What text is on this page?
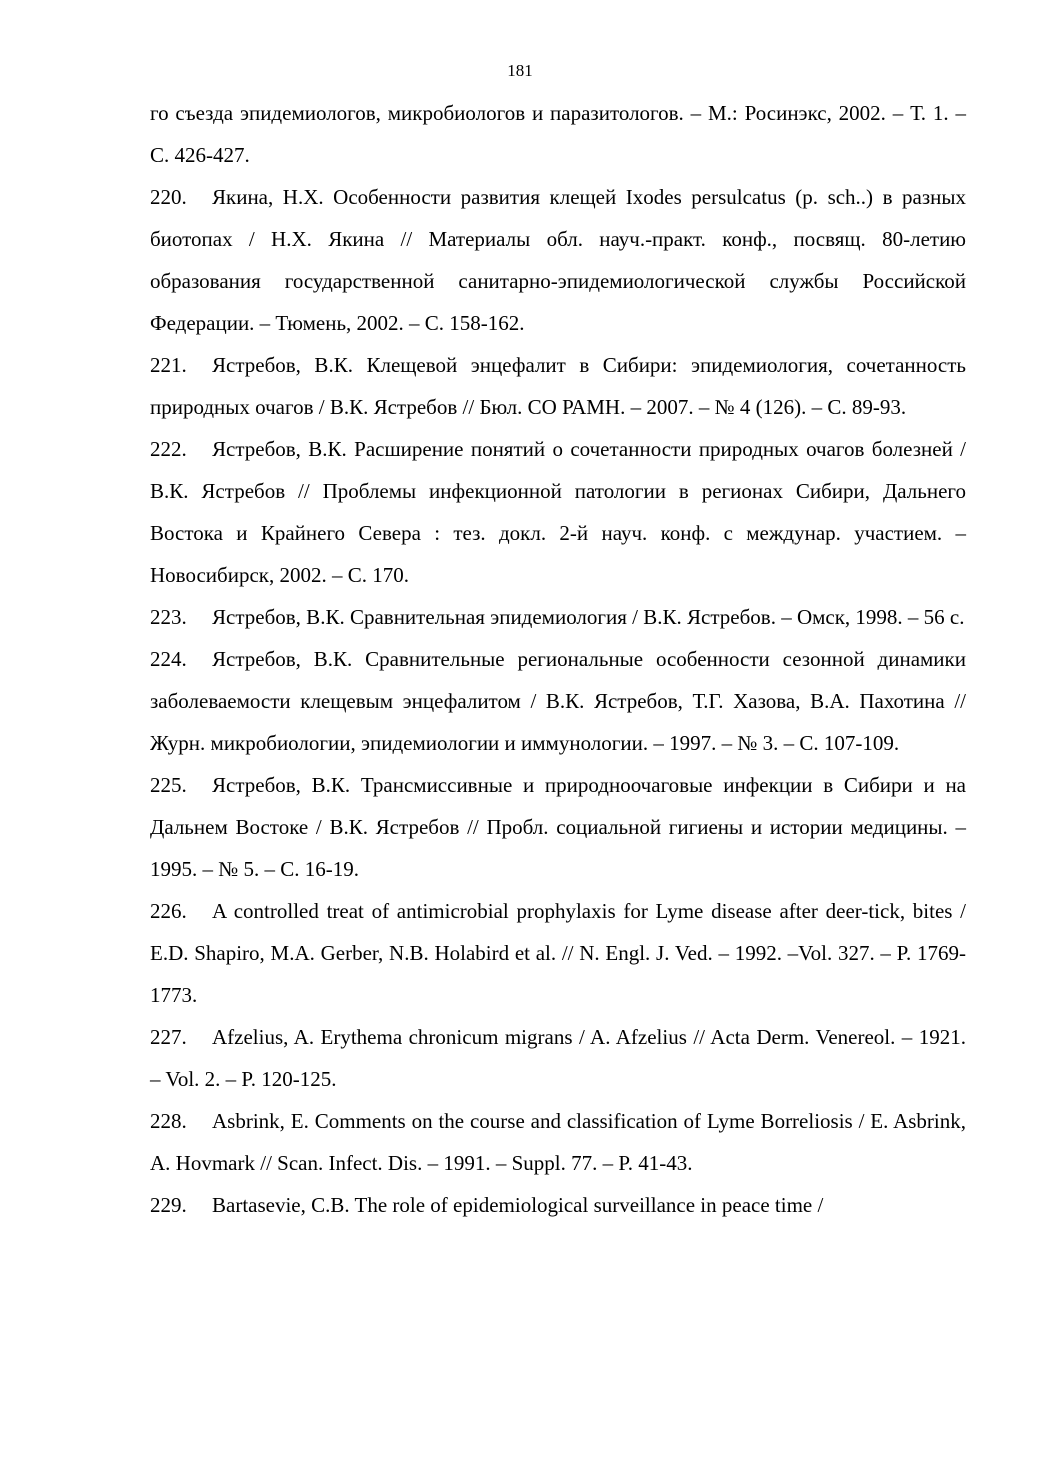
181

го съезда эпидемиологов, микробиологов и паразитологов. – М.: Росинэкс, 2002. – Т. 1. – С. 426-427.

220. Якина, Н.Х. Особенности развития клещей Ixodes persulcatus (p. sch..) в разных биотопах / Н.Х. Якина // Материалы обл. науч.-практ. конф., посвящ. 80-летию образования государственной санитарно-эпидемиологической службы Российской Федерации. – Тюмень, 2002. – С. 158-162.

221. Ястребов, В.К. Клещевой энцефалит в Сибири: эпидемиология, сочетанность природных очагов / В.К. Ястребов // Бюл. СО РАМН. – 2007. – № 4 (126). – С. 89-93.

222. Ястребов, В.К. Расширение понятий о сочетанности природных очагов болезней / В.К. Ястребов // Проблемы инфекционной патологии в регионах Сибири, Дальнего Востока и Крайнего Севера : тез. докл. 2-й науч. конф. с междунар. участием. – Новосибирск, 2002. – С. 170.

223. Ястребов, В.К. Сравнительная эпидемиология / В.К. Ястребов. – Омск, 1998. – 56 с.

224. Ястребов, В.К. Сравнительные региональные особенности сезонной динамики заболеваемости клещевым энцефалитом / В.К. Ястребов, Т.Г. Хазова, В.А. Пахотина // Журн. микробиологии, эпидемиологии и иммунологии. – 1997. – № 3. – С. 107-109.

225. Ястребов, В.К. Трансмиссивные и природноочаговые инфекции в Сибири и на Дальнем Востоке / В.К. Ястребов // Пробл. социальной гигиены и истории медицины. – 1995. – № 5. – С. 16-19.

226. A controlled treat of antimicrobial prophylaxis for Lyme disease after deer-tick, bites / E.D. Shapiro, M.A. Gerber, N.B. Holabird et al. // N. Engl. J. Ved. – 1992. –Vol. 327. – P. 1769-1773.

227. Afzelius, A. Erythema chronicum migrans / A. Afzelius // Acta Derm. Venereol. – 1921. – Vol. 2. – P. 120-125.

228. Asbrink, E. Comments on the course and classification of Lyme Borreliosis / E. Asbrink, A. Hovmark // Scan. Infect. Dis. – 1991. – Suppl. 77. – P. 41-43.

229. Bartasevie, C.B. The role of epidemiological surveillance in peace time /
